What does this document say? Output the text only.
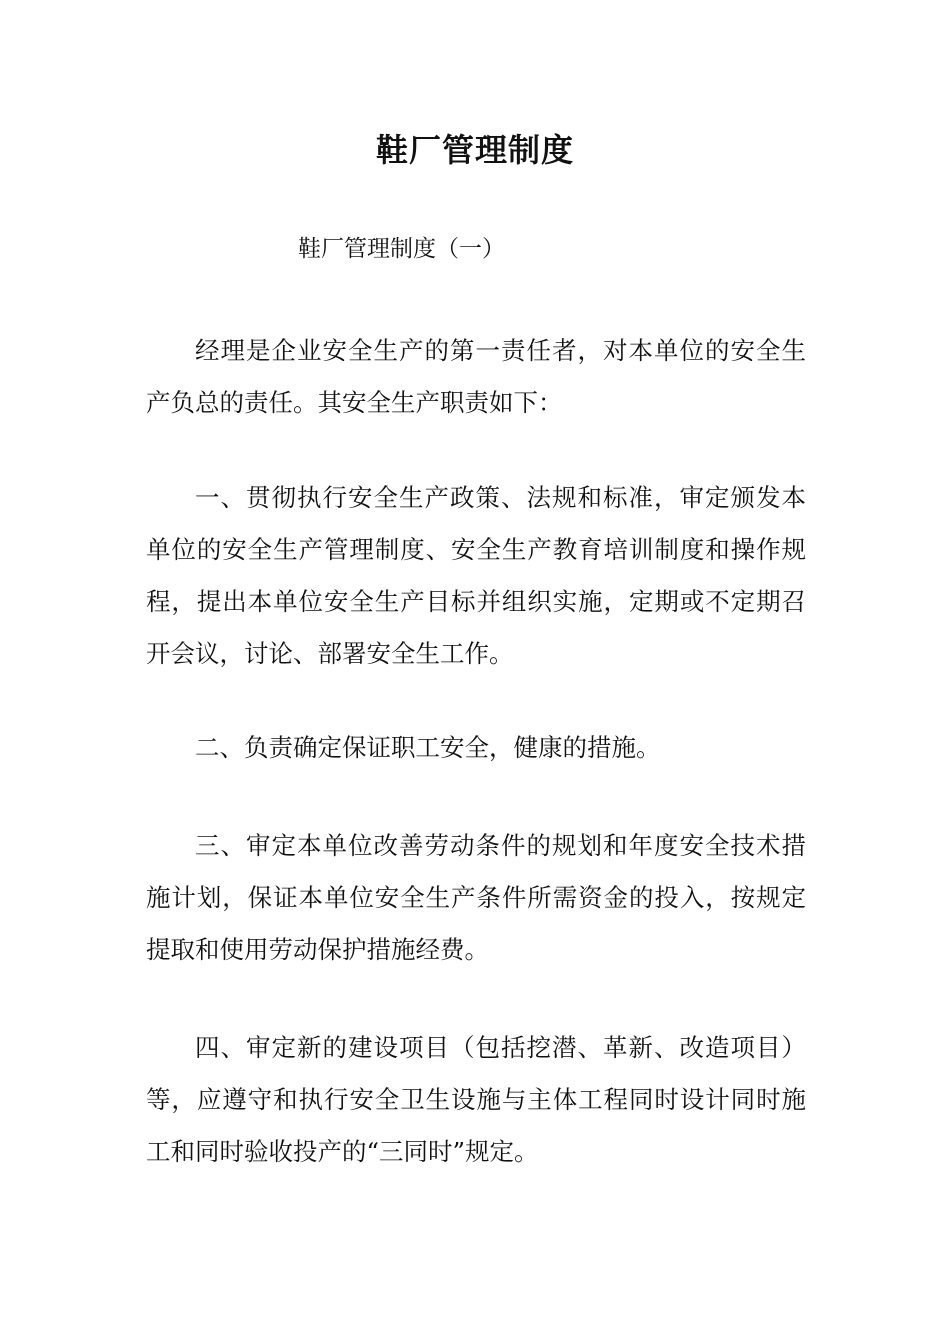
鞋厂管理制度
鞋厂管理制度（一）

经理是企业安全生产的第一责任者，对本单位的安全生产负总的责任。其安全生产职责如下：

一、贯彻执行安全生产政策、法规和标准，审定颁发本单位的安全生产管理制度、安全生产教育培训制度和操作规程，提出本单位安全生产目标并组织实施，定期或不定期召开会议，讨论、部署安全生工作。

二、负责确定保证职工安全，健康的措施。

三、审定本单位改善劳动条件的规划和年度安全技术措施计划，保证本单位安全生产条件所需资金的投入，按规定提取和使用劳动保护措施经费。

四、审定新的建设项目（包括挖潜、革新、改造项目）等，应遵守和执行安全卫生设施与主体工程同时设计同时施工和同时验收投产的“三同时”规定。
